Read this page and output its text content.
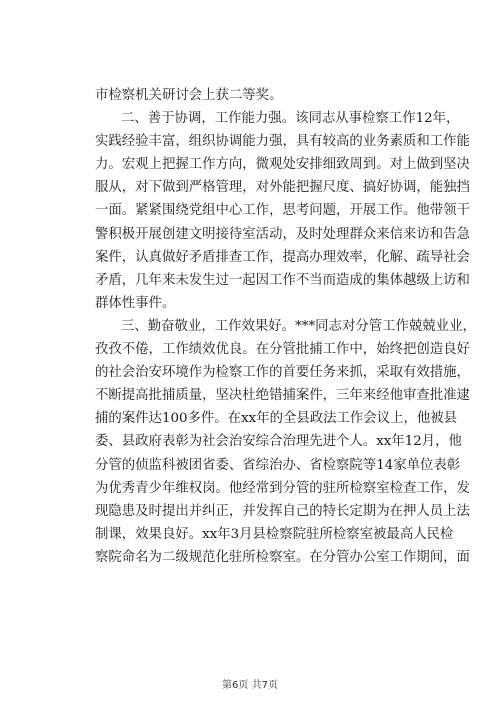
市检察机关研讨会上获二等奖。
二、善于协调，工作能力强。该同志从事检察工作12年，
实践经验丰富，组织协调能力强，具有较高的业务素质和工作能
力。宏观上把握工作方向，微观处安排细致周到。对上做到坚决
服从，对下做到严格管理，对外能把握尺度、搞好协调，能独挡
一面。紧紧围绕党组中心工作，思考问题，开展工作。他带领干
警积极开展创建文明接待室活动，及时处理群众来信来访和告急
案件，认真做好矛盾排查工作，提高办理效率，化解、疏导社会
矛盾，几年来未发生过一起因工作不当而造成的集体越级上访和
群体性事件。
三、勤奋敬业，工作效果好。***同志对分管工作兢兢业业，
孜孜不倦，工作绩效优良。在分管批捕工作中，始终把创造良好
的社会治安环境作为检察工作的首要任务来抓，采取有效措施，
不断提高批捕质量，坚决杜绝错捕案件，三年来经他审查批准逮
捕的案件达100多件。在xx年的全县政法工作会议上，他被县
委、县政府表彰为社会治安综合治理先进个人。xx年12月，他
分管的侦监科被团省委、省综治办、省检察院等14家单位表彰
为优秀青少年维权岗。他经常到分管的驻所检察室检查工作，发
现隐患及时提出并纠正，并发挥自己的特长定期为在押人员上法
制课，效果良好。xx年3月县检察院驻所检察室被最高人民检
察院命名为二级规范化驻所检察室。在分管办公室工作期间，面
第6页 共7页
